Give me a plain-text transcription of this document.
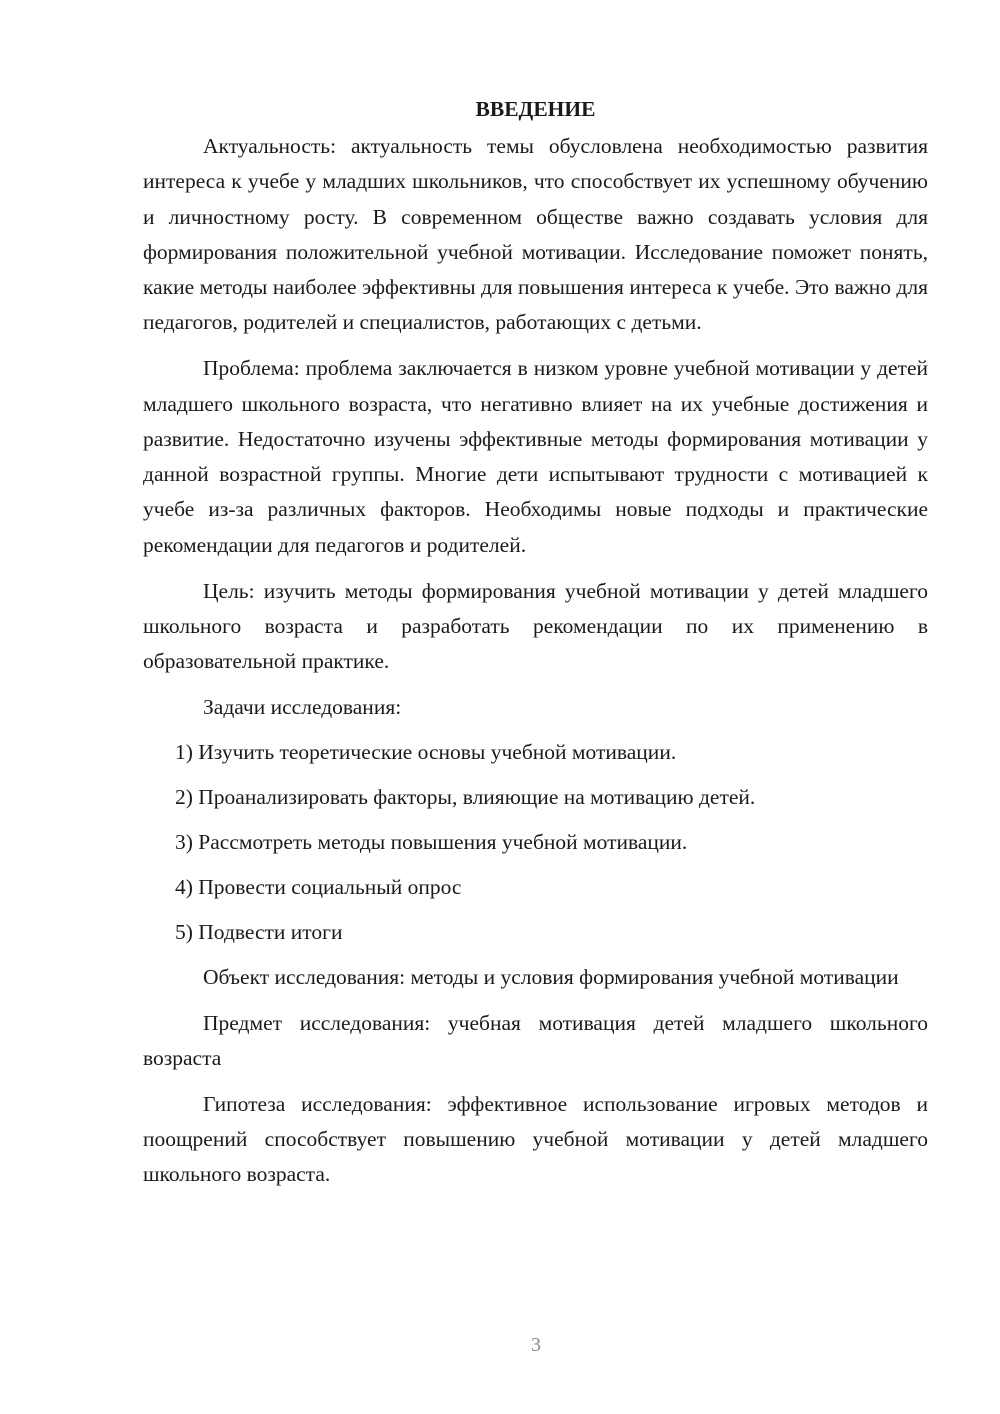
ВВЕДЕНИЕ

Актуальность: актуальность темы обусловлена необходимостью развития интереса к учебе у младших школьников, что способствует их успешному обучению и личностному росту. В современном обществе важно создавать условия для формирования положительной учебной мотивации. Исследование поможет понять, какие методы наиболее эффективны для повышения интереса к учебе. Это важно для педагогов, родителей и специалистов, работающих с детьми.

Проблема: проблема заключается в низком уровне учебной мотивации у детей младшего школьного возраста, что негативно влияет на их учебные достижения и развитие. Недостаточно изучены эффективные методы формирования мотивации у данной возрастной группы. Многие дети испытывают трудности с мотивацией к учебе из-за различных факторов. Необходимы новые подходы и практические рекомендации для педагогов и родителей.

Цель: изучить методы формирования учебной мотивации у детей младшего школьного возраста и разработать рекомендации по их применению в образовательной практике.

Задачи исследования:
1) Изучить теоретические основы учебной мотивации.
2) Проанализировать факторы, влияющие на мотивацию детей.
3) Рассмотреть методы повышения учебной мотивации.
4) Провести социальный опрос
5) Подвести итоги

Объект исследования: методы и условия формирования учебной мотивации

Предмет исследования: учебная мотивация детей младшего школьного возраста

Гипотеза исследования: эффективное использование игровых методов и поощрений способствует повышению учебной мотивации у детей младшего школьного возраста.

3
